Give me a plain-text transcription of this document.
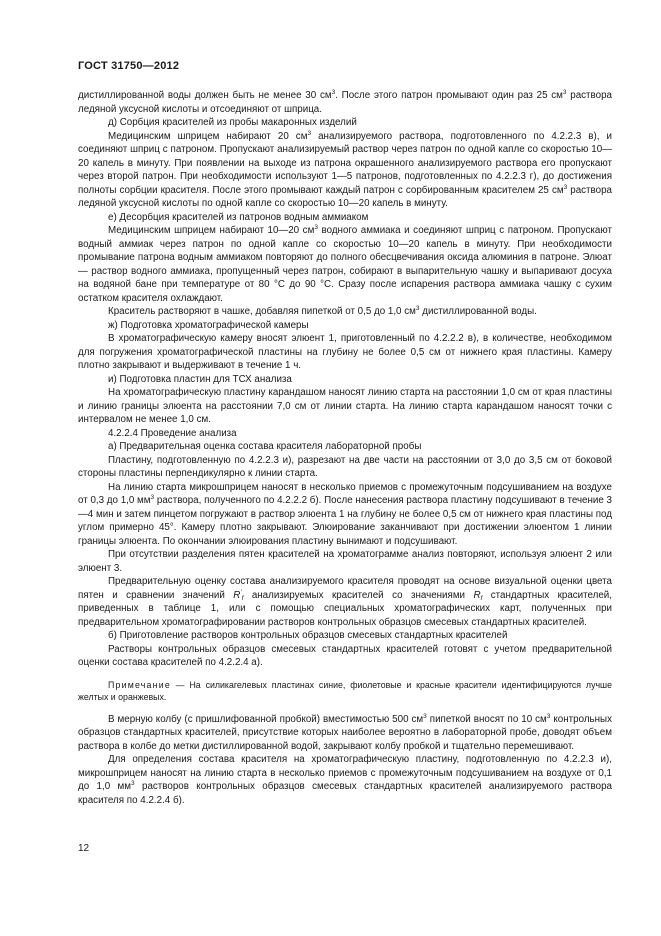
ГОСТ 31750—2012

дистиллированной воды должен быть не менее 30 $см^3$. После этого патрон промывают один раз 25 $см^3$ раствора ледяной уксусной кислоты и отсоединяют от шприца.

д) Сорбция красителей из пробы макаронных изделий

Медицинским шприцем набирают 20 $см^3$ анализируемого раствора, подготовленного по 4.2.2.3 в), и соединяют шприц с патроном. Пропускают анализируемый раствор через патрон по одной капле со скоростью 10—20 капель в минуту. При появлении на выходе из патрона окрашенного анализируемого раствора его пропускают через второй патрон. При необходимости используют 1—5 патронов, подготовленных по 4.2.2.3 г), до достижения полноты сорбции красителя. После этого промывают каждый патрон с сорбированным красителем 25 $см^3$ раствора ледяной уксусной кислоты по одной капле со скоростью 10—20 капель в минуту.

е) Десорбция красителей из патронов водным аммиаком

Медицинским шприцем набирают 10—20 $см^3$ водного аммиака и соединяют шприц с патроном. Пропускают водный аммиак через патрон по одной капле со скоростью 10—20 капель в минуту. При необходимости промывание патрона водным аммиаком повторяют до полного обесцвечивания оксида алюминия в патроне. Элюат — раствор водного аммиака, пропущенный через патрон, собирают в выпарительную чашку и выпаривают досуха на водяной бане при температуре от 80 °С до 90 °С. Сразу после испарения раствора аммиака чашку с сухим остатком красителя охлаждают.

Краситель растворяют в чашке, добавляя пипеткой от 0,5 до 1,0 $см^3$ дистиллированной воды.

ж) Подготовка хроматографической камеры

В хроматографическую камеру вносят элюент 1, приготовленный по 4.2.2.2 в), в количестве, необходимом для погружения хроматографической пластины на глубину не более 0,5 см от нижнего края пластины. Камеру плотно закрывают и выдерживают в течение 1 ч.

и) Подготовка пластин для ТСХ анализа

На хроматографическую пластину карандашом наносят линию старта на расстоянии 1,0 см от края пластины и линию границы элюента на расстоянии 7,0 см от линии старта. На линию старта карандашом наносят точки с интервалом не менее 1,0 см.

4.2.2.4 Проведение анализа

а) Предварительная оценка состава красителя лабораторной пробы

Пластину, подготовленную по 4.2.2.3 и), разрезают на две части на расстоянии от 3,0 до 3,5 см от боковой стороны пластины перпендикулярно к линии старта.

На линию старта микрошприцем наносят в несколько приемов с промежуточным подсушиванием на воздухе от 0,3 до 1,0 $мм^3$ раствора, полученного по 4.2.2.2 б). После нанесения раствора пластину подсушивают в течение 3—4 мин и затем пинцетом погружают в раствор элюента 1 на глубину не более 0,5 см от нижнего края пластины под углом примерно 45°. Камеру плотно закрывают. Элюирование заканчивают при достижении элюентом 1 линии границы элюента. По окончании элюирования пластину вынимают и подсушивают.

При отсутствии разделения пятен красителей на хроматограмме анализ повторяют, используя элюент 2 или элюент 3.

Предварительную оценку состава анализируемого красителя проводят на основе визуальной оценки цвета пятен и сравнении значений $R'_f$ анализируемых красителей со значениями $R_f$ стандартных красителей, приведенных в таблице 1, или с помощью специальных хроматографических карт, полученных при предварительном хроматографировании растворов контрольных образцов смесевых стандартных красителей.

б) Приготовление растворов контрольных образцов смесевых стандартных красителей

Растворы контрольных образцов смесевых стандартных красителей готовят с учетом предварительной оценки состава красителей по 4.2.2.4 а).

Примечание — На силикагелевых пластинах синие, фиолетовые и красные красители идентифицируются лучше желтых и оранжевых.

В мерную колбу (с пришлифованной пробкой) вместимостью 500 $см^3$ пипеткой вносят по 10 $см^3$ контрольных образцов стандартных красителей, присутствие которых наиболее вероятно в лабораторной пробе, доводят объем раствора в колбе до метки дистиллированной водой, закрывают колбу пробкой и тщательно перемешивают.

Для определения состава красителя на хроматографическую пластину, подготовленную по 4.2.2.3 и), микрошприцем наносят на линию старта в несколько приемов с промежуточным подсушиванием на воздухе от 0,1 до 1,0 $мм^3$ растворов контрольных образцов смесевых стандартных красителей анализируемого раствора красителя по 4.2.2.4 б).

12
